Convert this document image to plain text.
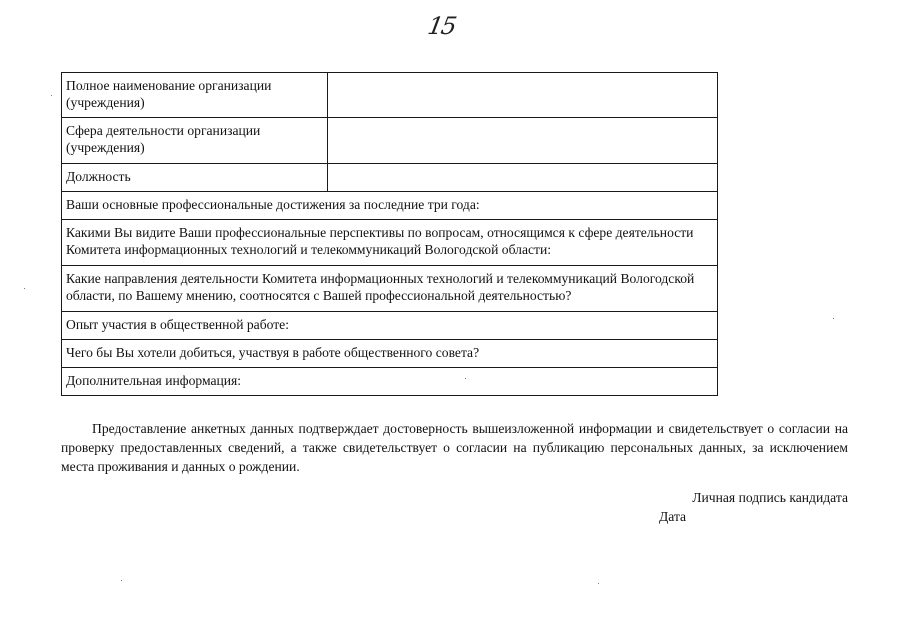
15
Полное наименование организации (учреждения)	
Сфера деятельности организации (учреждения)	
Должность	
Ваши основные профессиональные достижения за последние три года:	
Какими Вы видите Ваши профессиональные перспективы по вопросам, относящимся к сфере деятельности Комитета информационных технологий и телекоммуникаций Вологодской области:	
Какие направления деятельности Комитета информационных технологий и телекоммуникаций Вологодской области, по Вашему мнению, соотносятся с Вашей профессиональной деятельностью?	
Опыт участия в общественной работе:	
Чего бы Вы хотели добиться, участвуя в работе общественного совета?	
Дополнительная информация:	

Предоставление анкетных данных подтверждает достоверность вышеизложенной информации и свидетельствует о согласии на проверку предоставленных сведений, а также свидетельствует о согласии на публикацию персональных данных, за исключением места проживания и данных о рождении.

Личная подпись кандидата

Дата
